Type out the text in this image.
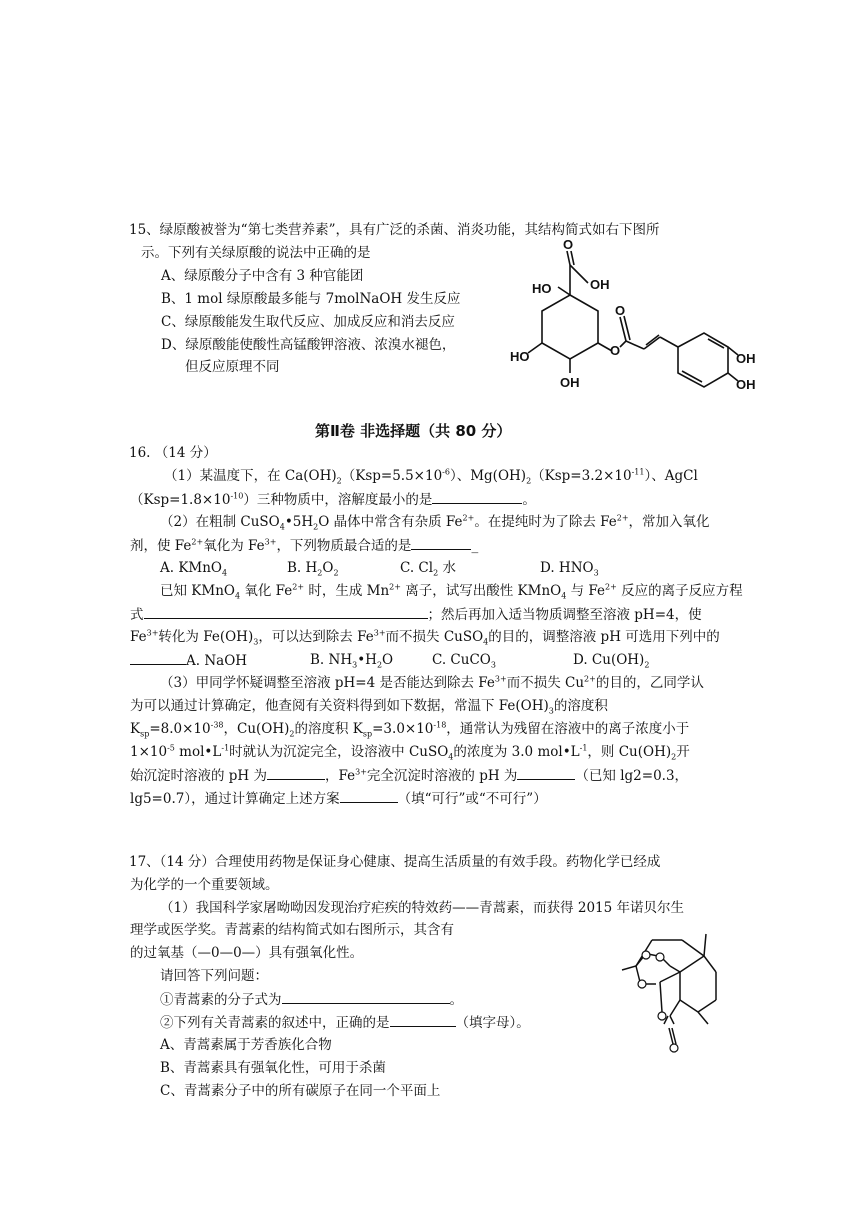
15、绿原酸被誉为“第七类营养素”，具有广泛的杀菌、消炎功能，其结构简式如右下图所
示。下列有关绿原酸的说法中正确的是
A、绿原酸分子中含有 3 种官能团
B、1 mol 绿原酸最多能与 7molNaOH 发生反应
C、绿原酸能发生取代反应、加成反应和消去反应
D、绿原酸能使酸性高锰酸钾溶液、浓溴水褪色，
但反应原理不同
O
O
O
HO	OH
HO
OH
OH
OH
第Ⅱ卷 非选择题（共 80 分）
16. （14 分）
（1）某温度下，在 $Ca(OH)_2(Ksp=5.5\times 10^{-6})$、$Mg(OH)_2(Ksp=3.2\times 10^{-11})$、AgCl
$(Ksp=1.8\times 10^{-10})$三种物质中，溶解度最小的是	。
（2）在粗制 $CuSO_4•5H_2O$ 晶体中常含有杂质 $Fe^{2+}$。在提纯时为了除去 $Fe^{2+}$，常加入氧化
剂，使 $Fe^{2+}$氧化为 $Fe^{3+}$，下列物质最合适的是	_
A. KMnO$_4$	B. $H_2O_2$	C. $Cl_2$ 水	D. $HNO_3$
已知 KMnO$_4$ 氧化 $Fe^{2+}$ 时，生成 $Mn^{2+}$ 离子，试写出酸性 KMnO$_4$ 与 $Fe^{2+}$ 反应的离子反应方程
式	；然后再加入适当物质调整至溶液 pH=4，使
$Fe^{3+}$转化为 $Fe(OH)_3$，可以达到除去 $Fe^{3+}$而不损失 CuSO$_4$的目的，调整溶液 pH 可选用下列中的
A. NaOH	B. $NH_3•H_2O$	C. CuCO$_3$	D. $Cu(OH)_2$
（3）甲同学怀疑调整至溶液 pH=4 是否能达到除去 $Fe^{3+}$而不损失 $Cu^{2+}$的目的，乙同学认
为可以通过计算确定，他查阅有关资料得到如下数据，常温下 $Fe(OH)_3$的溶度积
$K_{sp}=8.0\times 10^{-38}$，$Cu(OH)_2$的溶度积 $K_{sp}=3.0\times 10^{-18}$，通常认为残留在溶液中的离子浓度小于
$1\times 10^{-5}$ $mol•L^{-1}$时就认为沉淀完全，设溶液中 CuSO$_4$的浓度为 3.0 $mol•L^{-1}$，则 $Cu(OH)_2$开
始沉淀时溶液的 pH 为	，$Fe^{3+}$完全沉淀时溶液的 pH 为	（已知 lg2=0.3，
lg5=0.7），通过计算确定上述方案	（填“可行”或“不可行”）
17、（14 分）合理使用药物是保证身心健康、提高生活质量的有效手段。药物化学已经成
为化学的一个重要领域。
（1）我国科学家屠呦呦因发现治疗疟疾的特效药——青蒿素，而获得 2015 年诺贝尔生
理学或医学奖。青蒿素的结构简式如右图所示，其含有
的过氧基（—0—0—）具有强氧化性。
请回答下列问题：
①青蒿素的分子式为	。
②下列有关青蒿素的叙述中，正确的是	（填字母）。
A、青蒿素属于芳香族化合物
B、青蒿素具有强氧化性，可用于杀菌
C、青蒿素分子中的所有碳原子在同一个平面上
